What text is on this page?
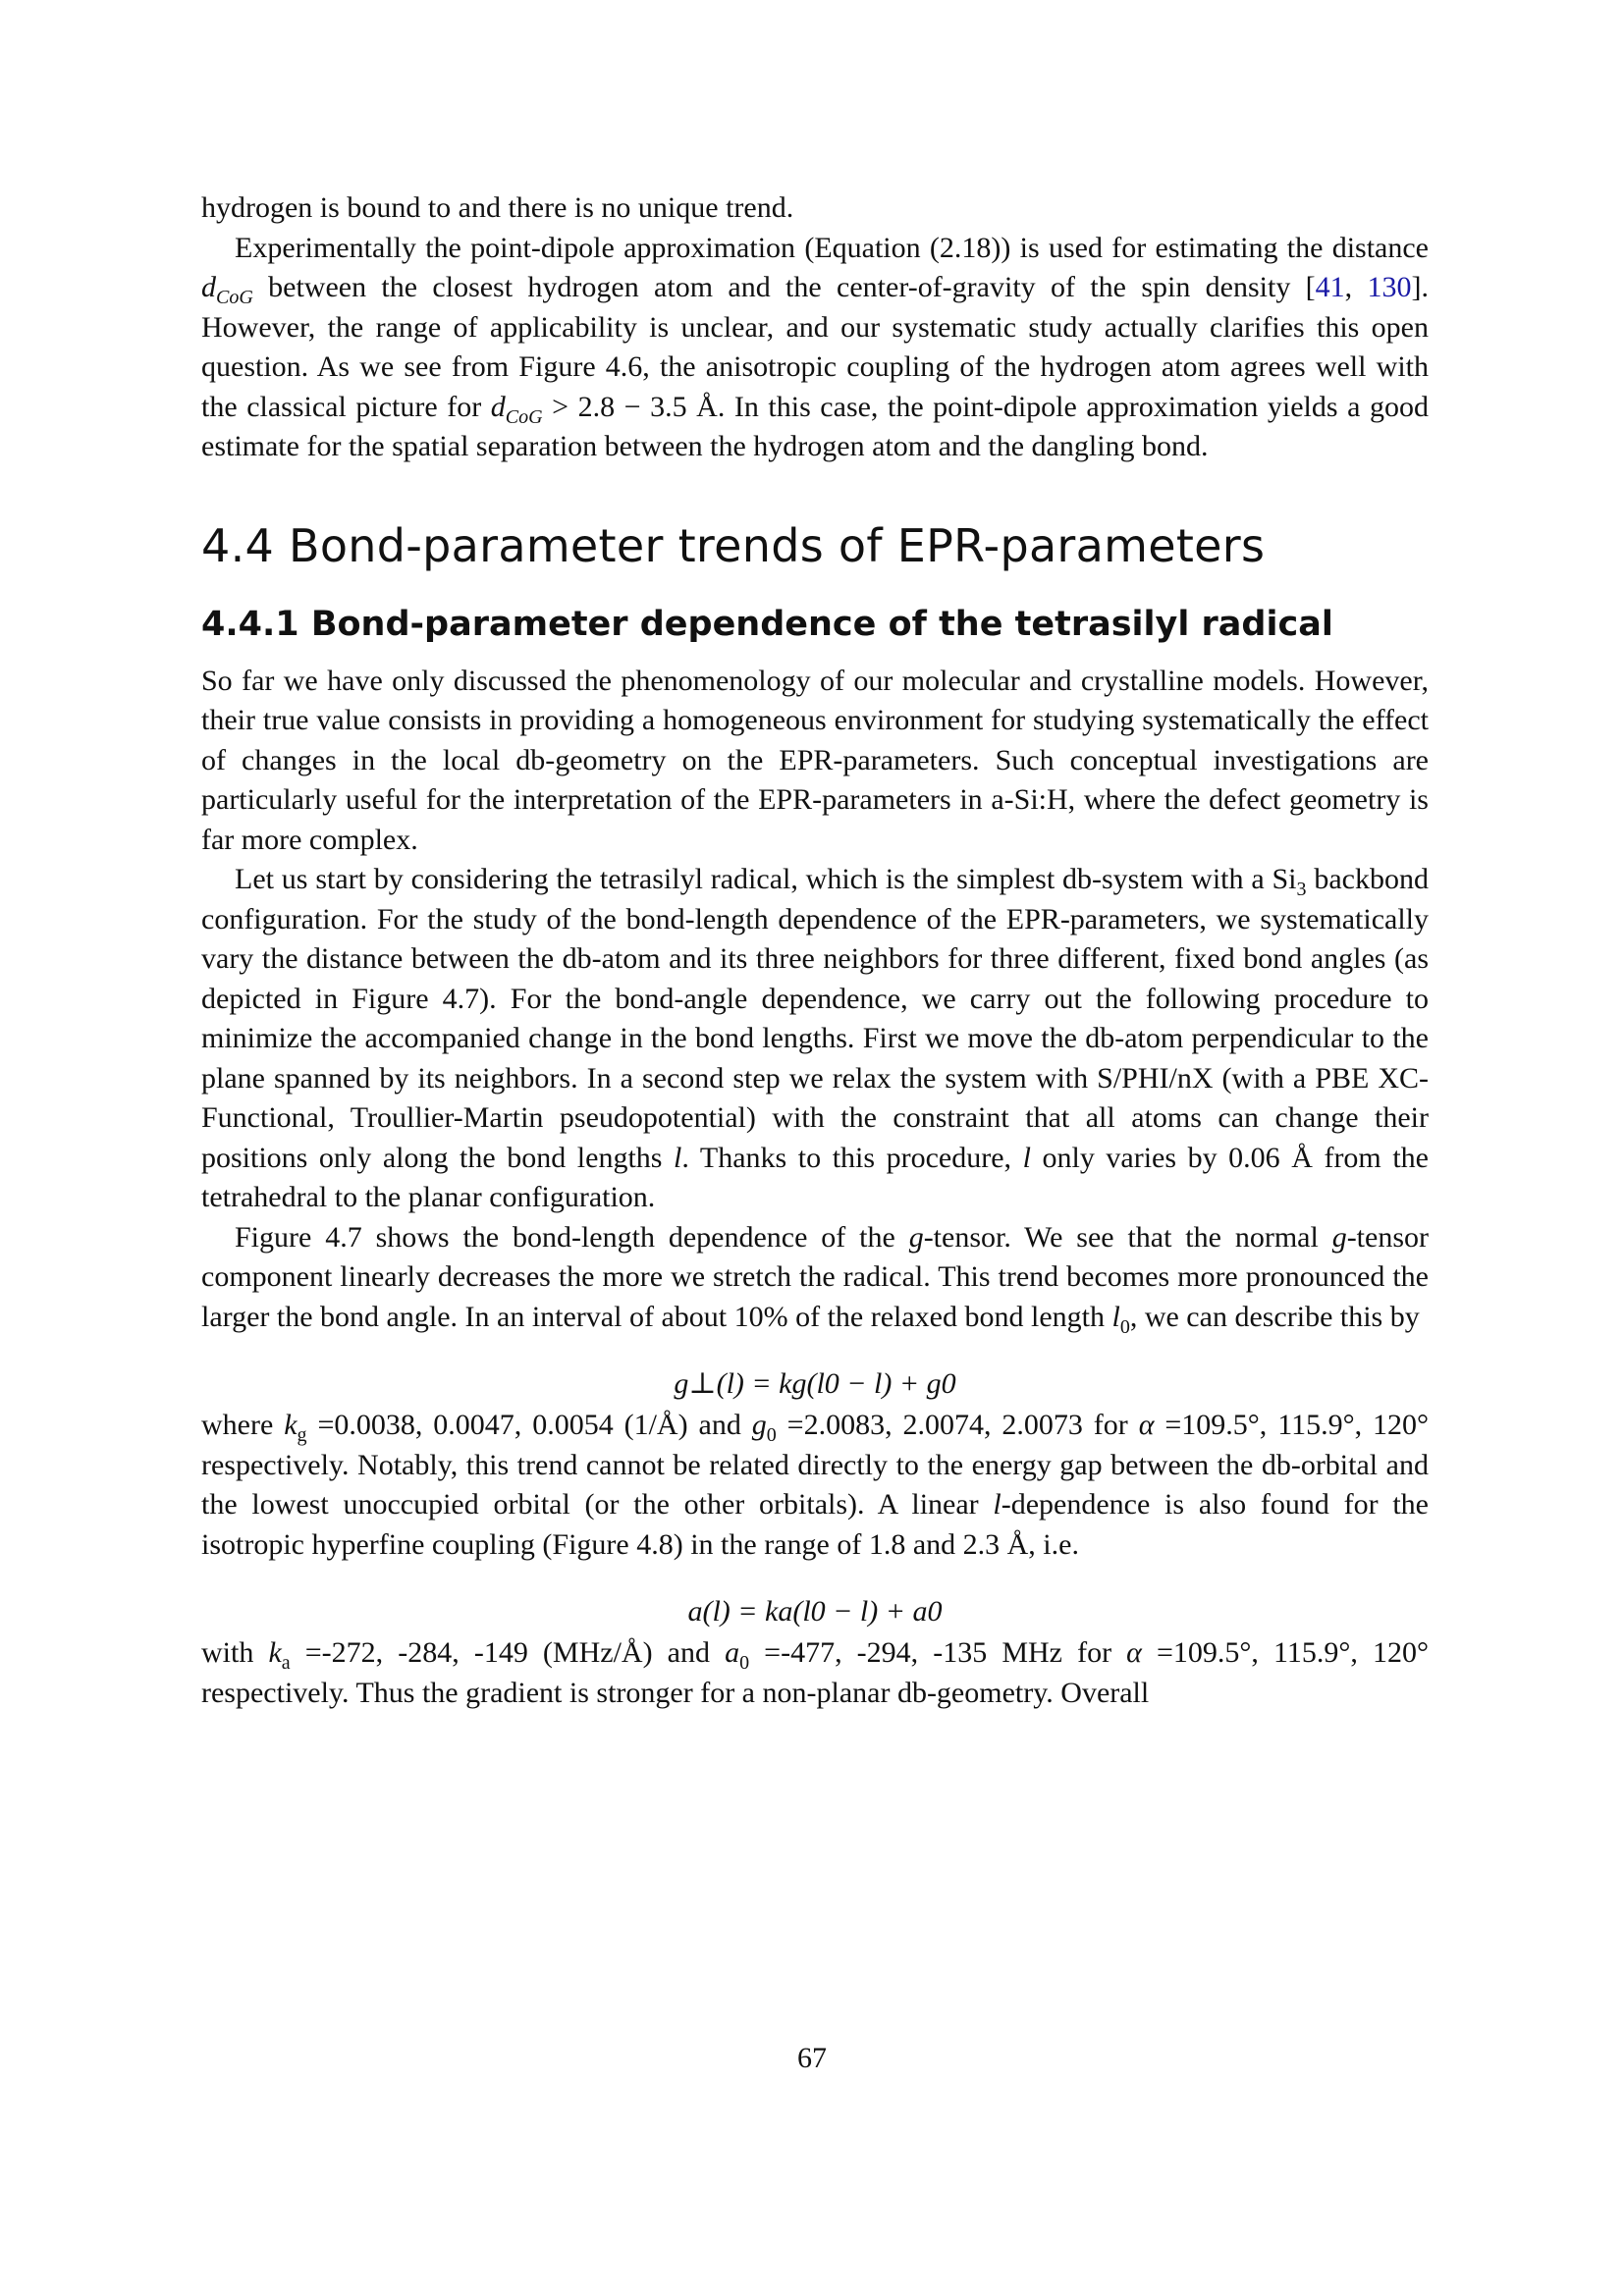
hydrogen is bound to and there is no unique trend.

Experimentally the point-dipole approximation (Equation (2.18)) is used for estimating the distance $d_{CoG}$ between the closest hydrogen atom and the center-of-gravity of the spin density [41, 130]. However, the range of applicability is unclear, and our systematic study actually clarifies this open question. As we see from Figure 4.6, the anisotropic coupling of the hydrogen atom agrees well with the classical picture for $d_{CoG} > 2.8 - 3.5$ Å. In this case, the point-dipole approximation yields a good estimate for the spatial separation between the hydrogen atom and the dangling bond.

4.4 Bond-parameter trends of EPR-parameters
4.4.1 Bond-parameter dependence of the tetrasilyl radical

So far we have only discussed the phenomenology of our molecular and crystalline models. However, their true value consists in providing a homogeneous environment for studying systematically the effect of changes in the local db-geometry on the EPR-parameters. Such conceptual investigations are particularly useful for the interpretation of the EPR-parameters in a-Si:H, where the defect geometry is far more complex.

Let us start by considering the tetrasilyl radical, which is the simplest db-system with a $Si_3$ backbond configuration. For the study of the bond-length dependence of the EPR-parameters, we systematically vary the distance between the db-atom and its three neighbors for three different, fixed bond angles (as depicted in Figure 4.7). For the bond-angle dependence, we carry out the following procedure to minimize the accompanied change in the bond lengths. First we move the db-atom perpendicular to the plane spanned by its neighbors. In a second step we relax the system with S/PHI/nX (with a PBE XC-Functional, Troullier-Martin pseudopotential) with the constraint that all atoms can change their positions only along the bond lengths l. Thanks to this procedure, l only varies by 0.06 Å from the tetrahedral to the planar configuration.

Figure 4.7 shows the bond-length dependence of the g-tensor. We see that the normal g-tensor component linearly decreases the more we stretch the radical. This trend becomes more pronounced the larger the bond angle. In an interval of about 10% of the relaxed bond length $l_0$, we can describe this by

g⊥(l) = kg(l0 − l) + g0

where $k_g =0.0038$, 0.0047, 0.0054 (1/Å) and $g_0 =2.0083$, 2.0074, 2.0073 for α =109.5°, 115.9°, 120° respectively. Notably, this trend cannot be related directly to the energy gap between the db-orbital and the lowest unoccupied orbital (or the other orbitals). A linear l-dependence is also found for the isotropic hyperfine coupling (Figure 4.8) in the range of 1.8 and 2.3 Å, i.e.

a(l) = ka(l0 − l) + a0

with $k_a =-272$, -284, -149 (MHz/Å) and $a_0 =-477$, -294, -135 MHz for α =109.5°, 115.9°, 120° respectively. Thus the gradient is stronger for a non-planar db-geometry. Overall

67
